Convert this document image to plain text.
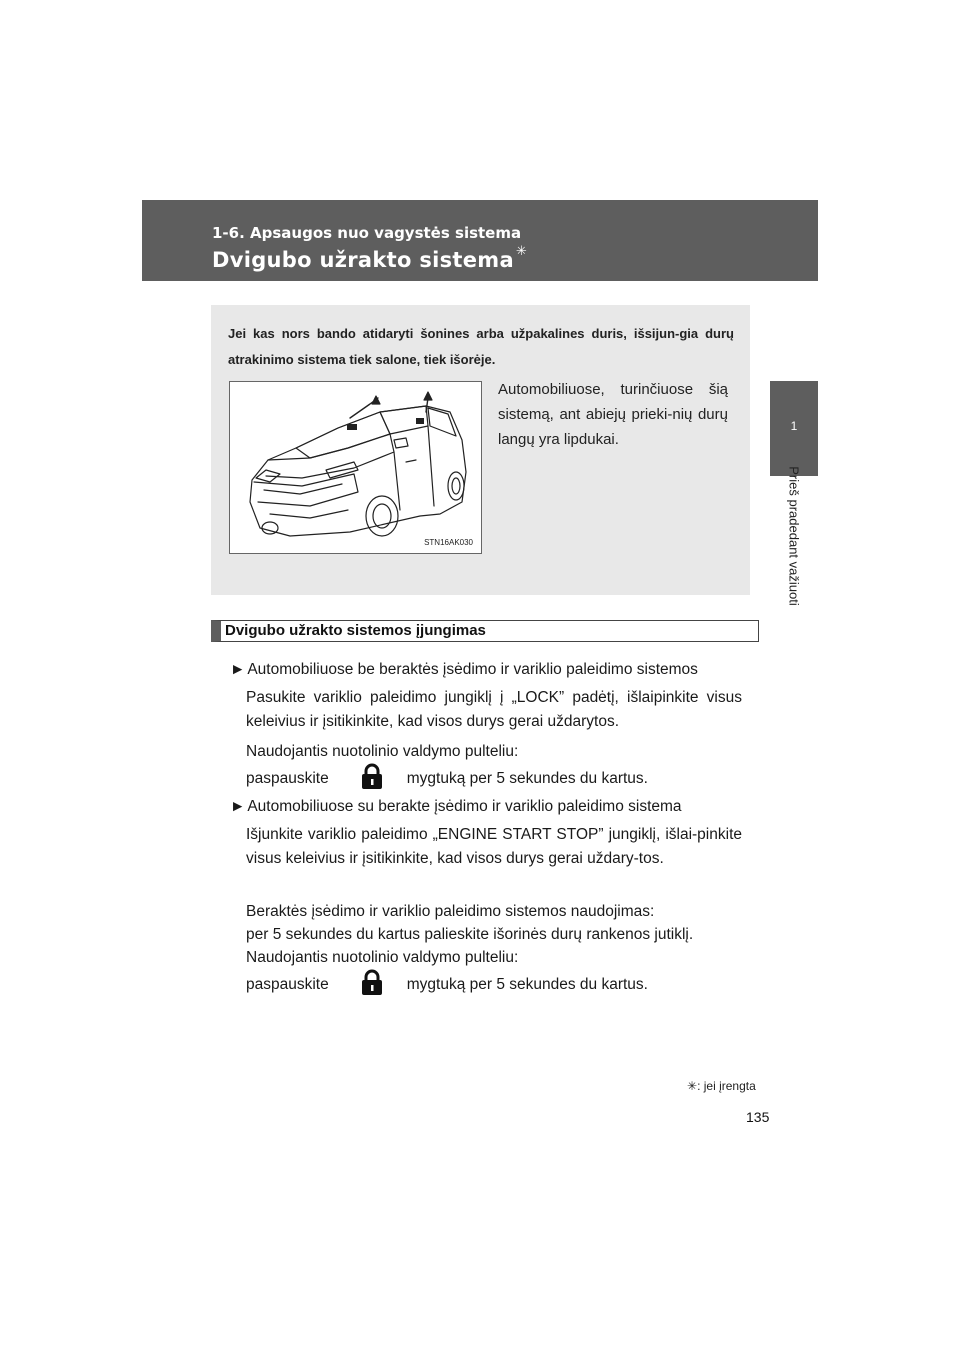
1-6. Apsaugos nuo vagystės sistema
Dvigubo užrakto sistema ✳
1
Prieš pradedant važiuoti
Jei kas nors bando atidaryti šonines arba užpakalines duris, išsijun-gia durų atrakinimo sistema tiek salone, tiek išorėje.
STN16AK030
Automobiliuose, turinčiuose šią sistemą, ant abiejų prieki-nių durų langų yra lipdukai.
Dvigubo užrakto sistemos įjungimas
► Automobiliuose be beraktės įsėdimo ir variklio paleidimo sistemos
Pasukite variklio paleidimo jungiklį į „LOCK” padėtį, išlaipinkite visus keleivius ir įsitikinkite, kad visos durys gerai uždarytos.
Naudojantis nuotolinio valdymo pulteliu:
paspauskite	mygtuką per 5 sekundes du kartus.
► Automobiliuose su berakte įsėdimo ir variklio paleidimo sistema
Išjunkite variklio paleidimo „ENGINE START STOP” jungiklį, išlai-pinkite visus keleivius ir įsitikinkite, kad visos durys gerai uždary-tos.
Beraktės įsėdimo ir variklio paleidimo sistemos naudojimas:
per 5 sekundes du kartus palieskite išorinės durų rankenos jutiklį.
Naudojantis nuotolinio valdymo pulteliu:
paspauskite	mygtuką per 5 sekundes du kartus.
✳: jei įrengta
135
